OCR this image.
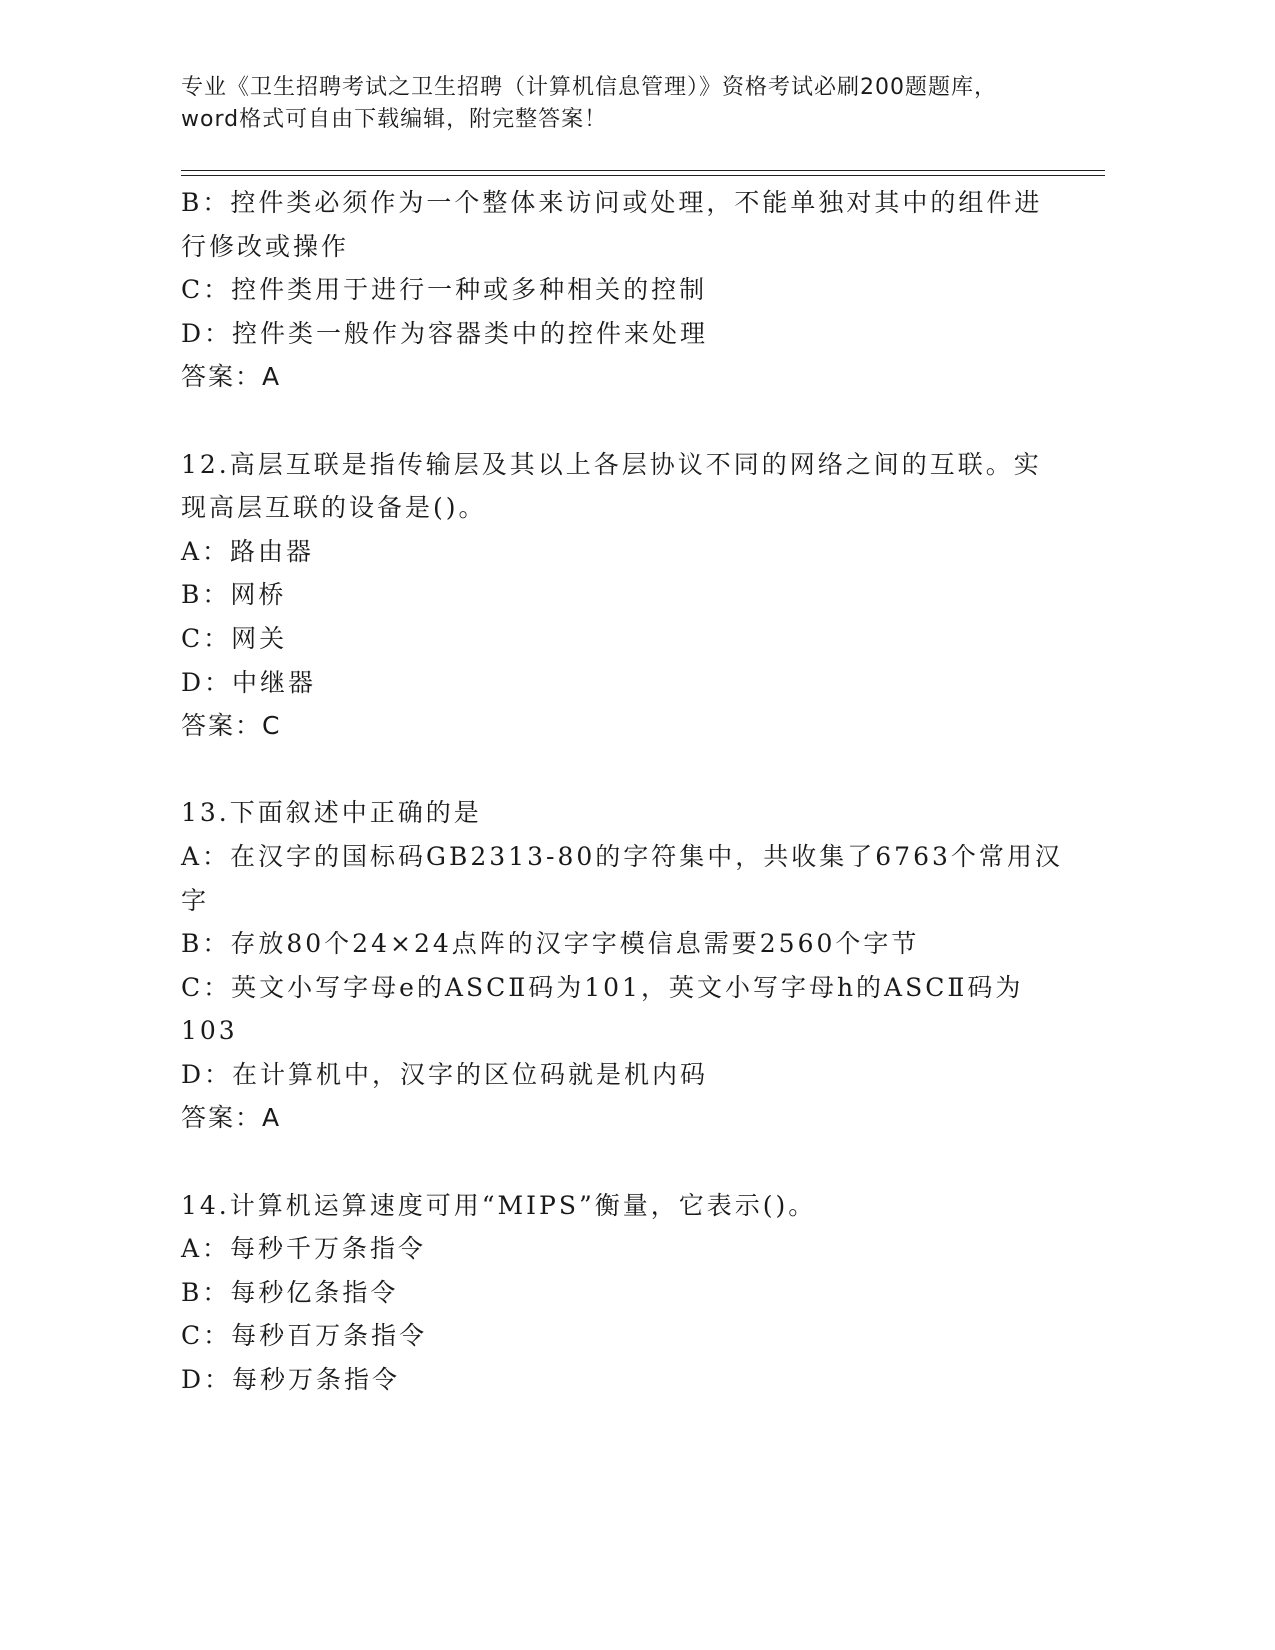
专业《卫生招聘考试之卫生招聘（计算机信息管理）》资格考试必刷200题题库，
word格式可自由下载编辑，附完整答案！
B：控件类必须作为一个整体来访问或处理，不能单独对其中的组件进
行修改或操作
C：控件类用于进行一种或多种相关的控制
D：控件类一般作为容器类中的控件来处理
答案：A
12.高层互联是指传输层及其以上各层协议不同的网络之间的互联。实
现高层互联的设备是()。
A：路由器
B：网桥
C：网关
D：中继器
答案：C
13.下面叙述中正确的是
A：在汉字的国标码GB2313-80的字符集中，共收集了6763个常用汉
字
B：存放80个24×24点阵的汉字字模信息需要2560个字节
C：英文小写字母e的ASCⅡ码为101，英文小写字母h的ASCⅡ码为
103
D：在计算机中，汉字的区位码就是机内码
答案：A
14.计算机运算速度可用“MIPS”衡量，它表示()。
A：每秒千万条指令
B：每秒亿条指令
C：每秒百万条指令
D：每秒万条指令
